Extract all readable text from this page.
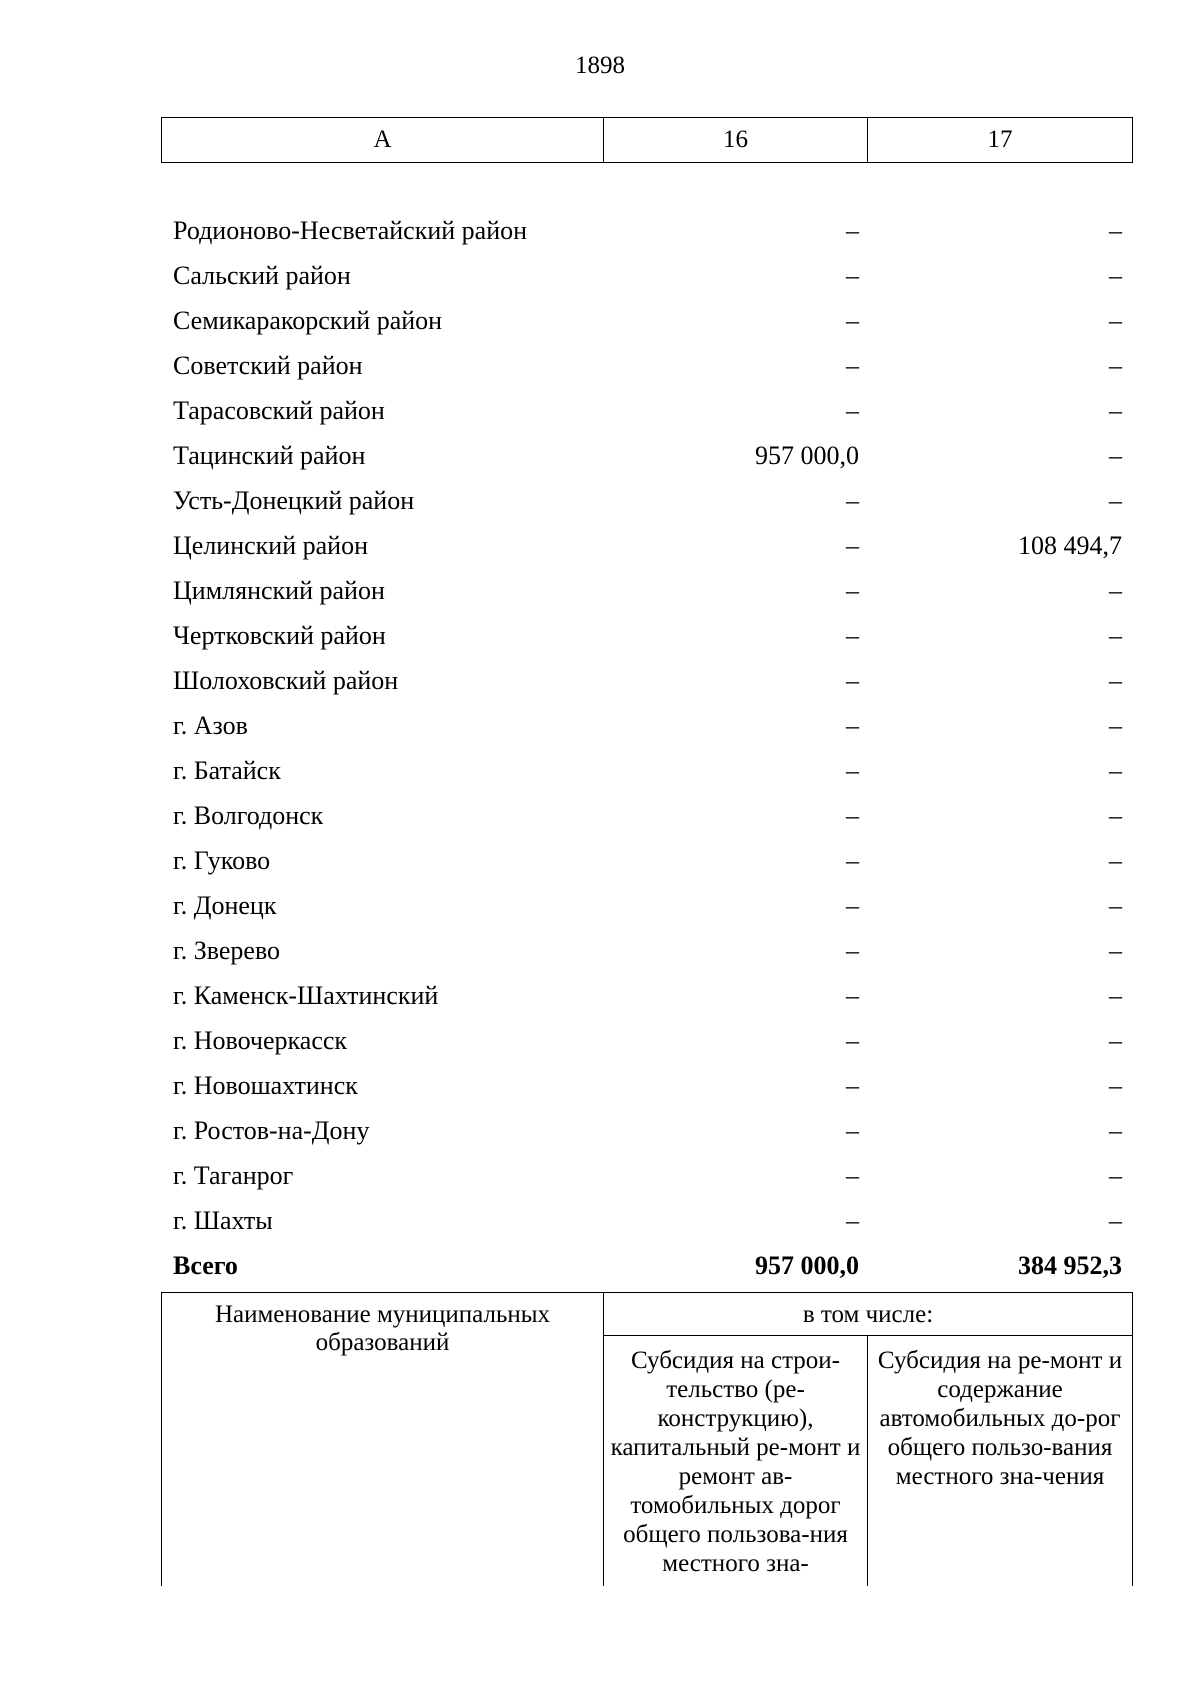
1898
А	16	17
Родионово-Несветайский район	–	–
Сальский район	–	–
Семикаракорский район	–	–
Советский район	–	–
Тарасовский район	–	–
Тацинский район	957 000,0	–
Усть-Донецкий район	–	–
Целинский район	–	108 494,7
Цимлянский район	–	–
Чертковский район	–	–
Шолоховский район	–	–
г. Азов	–	–
г. Батайск	–	–
г. Волгодонск	–	–
г. Гуково	–	–
г. Донецк	–	–
г. Зверево	–	–
г. Каменск-Шахтинский	–	–
г. Новочеркасск	–	–
г. Новошахтинск	–	–
г. Ростов-на-Дону	–	–
г. Таганрог	–	–
г. Шахты	–	–
Всего	957 000,0	384 952,3
Наименование муниципальных образований	в том числе:	
	Субсидия на строи-тельство (ре-конструкцию), капитальный ре-монт и ремонт ав-томобильных дорог общего пользова-ния местного зна-	Субсидия на ре-монт и содержание автомобильных до-рог общего пользо-вания местного зна-чения
